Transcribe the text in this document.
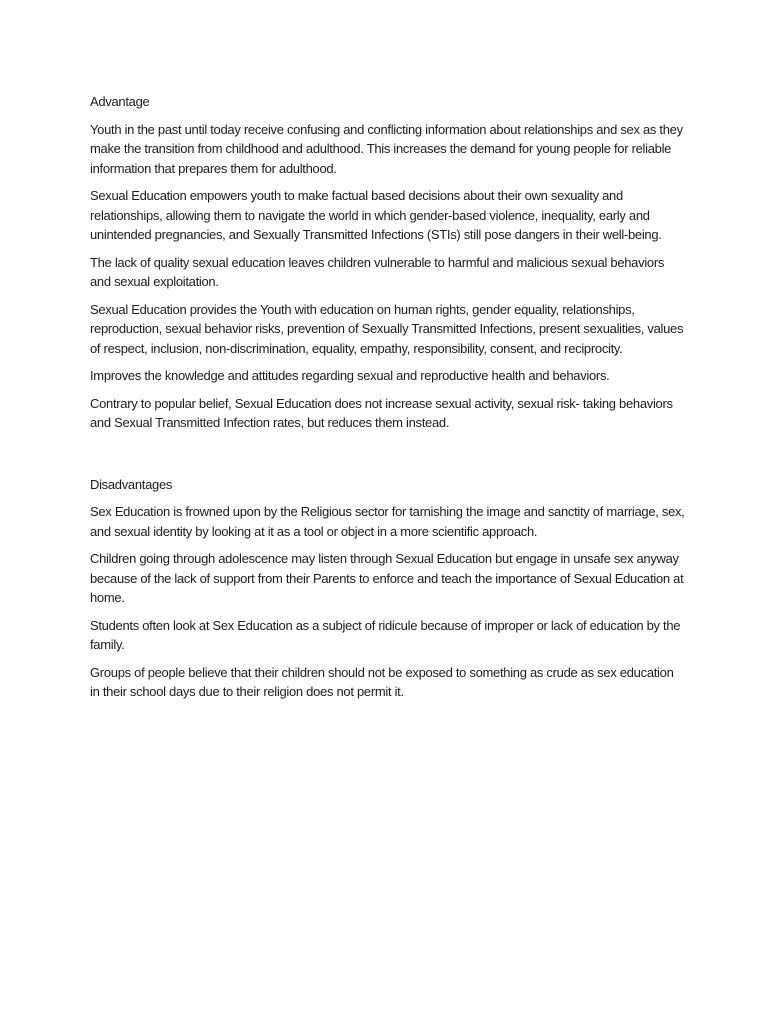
Advantage

Youth in the past until today receive confusing and conflicting information about relationships and sex as they make the transition from childhood and adulthood. This increases the demand for young people for reliable information that prepares them for adulthood.

Sexual Education empowers youth to make factual based decisions about their own sexuality and relationships, allowing them to navigate the world in which gender-based violence, inequality, early and unintended pregnancies, and Sexually Transmitted Infections (STIs) still pose dangers in their well-being.

The lack of quality sexual education leaves children vulnerable to harmful and malicious sexual behaviors and sexual exploitation.

Sexual Education provides the Youth with education on human rights, gender equality, relationships, reproduction, sexual behavior risks, prevention of Sexually Transmitted Infections, present sexualities, values of respect, inclusion, non-discrimination, equality, empathy, responsibility, consent, and reciprocity.

Improves the knowledge and attitudes regarding sexual and reproductive health and behaviors.

Contrary to popular belief, Sexual Education does not increase sexual activity, sexual risk- taking behaviors and Sexual Transmitted Infection rates, but reduces them instead.

Disadvantages

Sex Education is frowned upon by the Religious sector for tarnishing the image and sanctity of marriage, sex, and sexual identity by looking at it as a tool or object in a more scientific approach.

Children going through adolescence may listen through Sexual Education but engage in unsafe sex anyway because of the lack of support from their Parents to enforce and teach the importance of Sexual Education at home.

Students often look at Sex Education as a subject of ridicule because of improper or lack of education by the family.

Groups of people believe that their children should not be exposed to something as crude as sex education in their school days due to their religion does not permit it.
